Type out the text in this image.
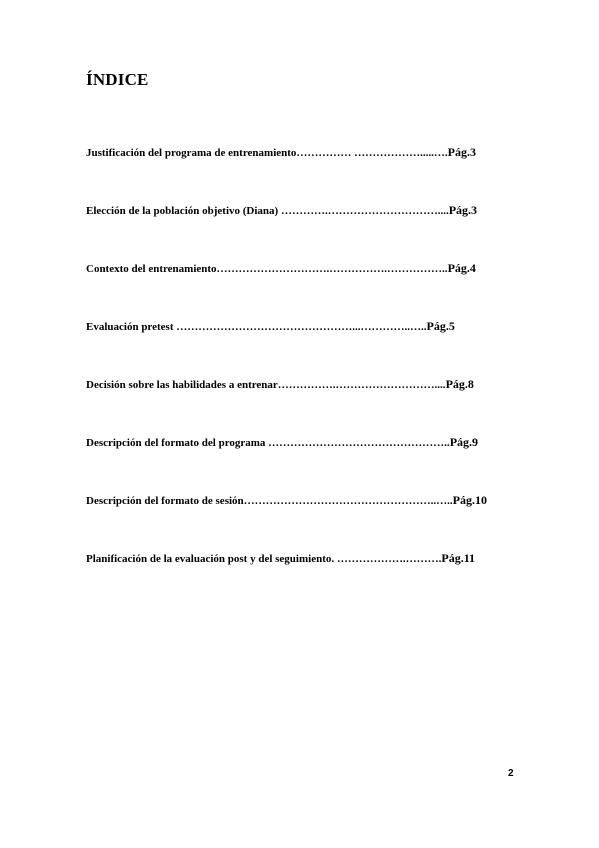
ÍNDICE
Justificación del programa de entrenamiento…………… ……………….....….Pág.3
Elección de la población objetivo (Diana) ………….…………………………....Pág.3
Contexto del entrenamiento………………………….…………….……………..Pág.4
Evaluación pretest …………………………………………...…………..…..Pág.5
Decisión sobre las habilidades a entrenar…………….………………………....Pág.8
Descripción del formato del programa …………………………………………..Pág.9
Descripción del formato de sesión……………………………………………..…..Pág.10
Planificación de la evaluación post y del seguimiento. ……………….……….Pág.11
2
